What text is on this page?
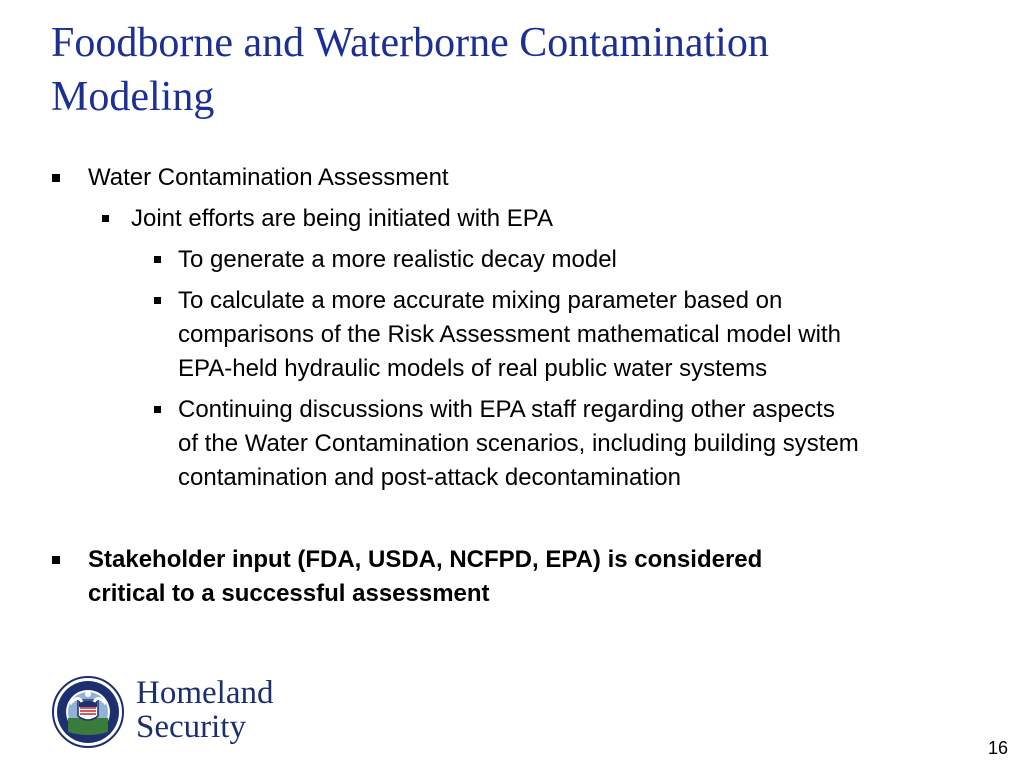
Foodborne and Waterborne Contamination
Modeling
Water Contamination Assessment
Joint efforts are being initiated with EPA
To generate a more realistic decay model
To calculate a more accurate mixing parameter based on
comparisons of the Risk Assessment mathematical model with
EPA-held hydraulic models of real public water systems
Continuing discussions with EPA staff regarding other aspects
of the Water Contamination scenarios, including building system
contamination and post-attack decontamination
Stakeholder input (FDA, USDA, NCFPD, EPA) is considered
critical to a successful assessment
Homeland
Security
16
